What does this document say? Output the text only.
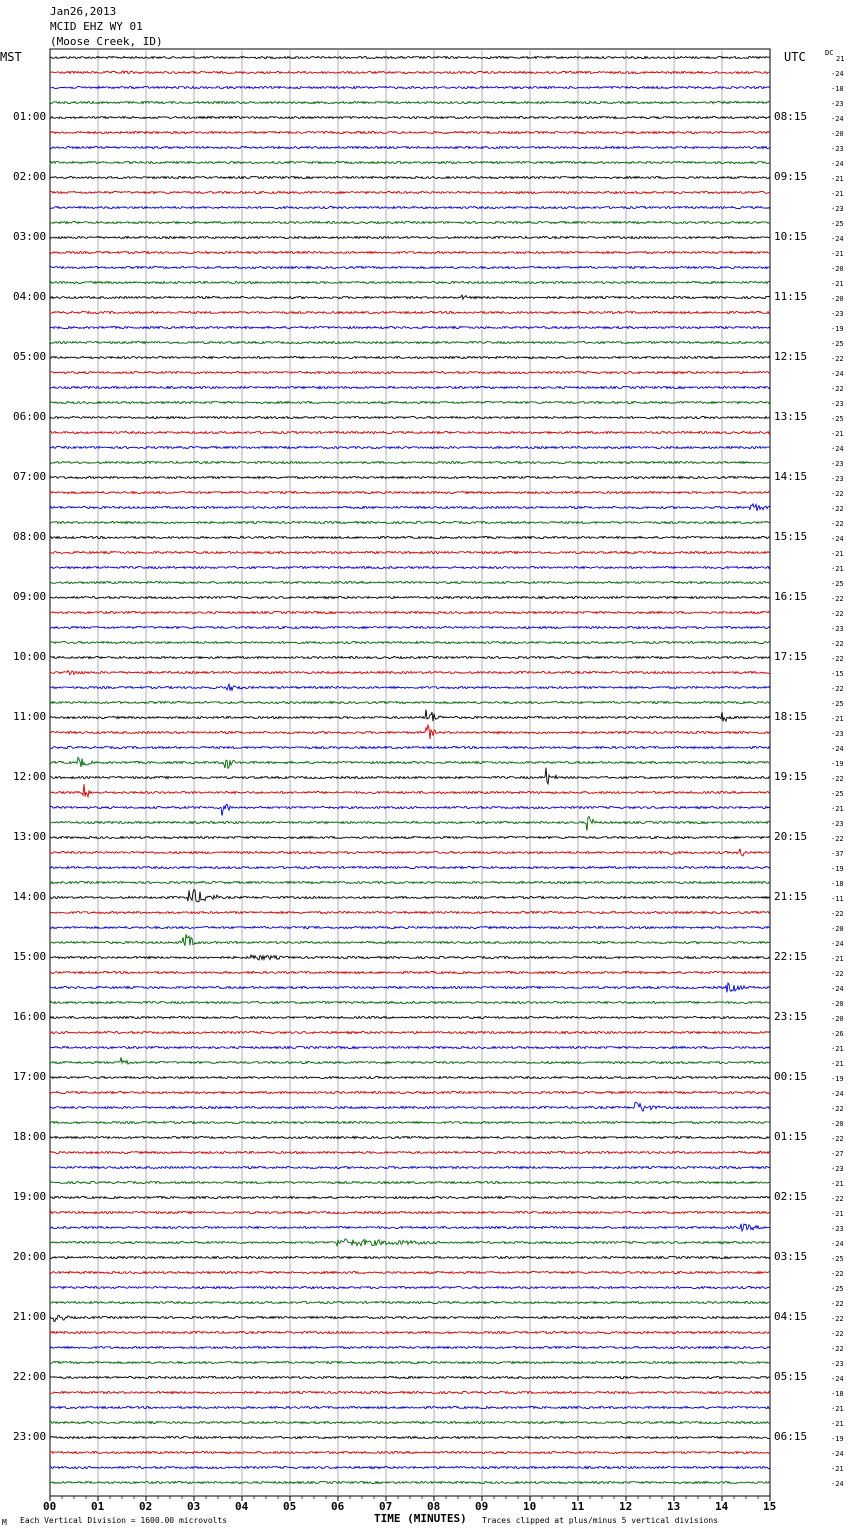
Jan26,2013
MCID EHZ WY 01
(Moose Creek, ID)
MST	UTC	DC
01:00
02:00
03:00
04:00
05:00
06:00
07:00
08:00
09:00
10:00
11:00
12:00
13:00
14:00
15:00
16:00
17:00
18:00
19:00
20:00
21:00
22:00
23:00
08:15
09:15
10:15
11:15
12:15
13:15
14:15
15:15
16:15
17:15
18:15
19:15
20:15
21:15
22:15
23:15
00:15
01:15
02:15
03:15
04:15
05:15
06:15
21
-24
-18
-23
-24
-20
-23
-24
-21
-21
-23
-25
-24
-21
-20
-21
-20
-23
-19
-25
-22
-24
-22
-23
-25
-21
-24
-23
-23
-22
-22
-22
-24
-21
-21
-25
-22
-22
-23
-22
-22
-15
-22
-25
-21
-23
-24
-19
-22
-25
-21
-23
-22
-37
-19
-18
-11
-22
-20
-24
-21
-22
-24
-20
-20
-26
-21
-21
-19
-24
-22
-20
-22
-27
-23
-21
-22
-21
-23
-24
-25
-22
-25
-22
-22
-22
-22
-23
-24
-18
-21
-21
-19
-24
-21
-24
00	01	02	03	04	05	06	07	08	09	10	11	12	13	14	15
M Each Vertical Division = 1600.00 microvolts	TIME (MINUTES) Traces clipped at plus/minus 5 vertical divisions
